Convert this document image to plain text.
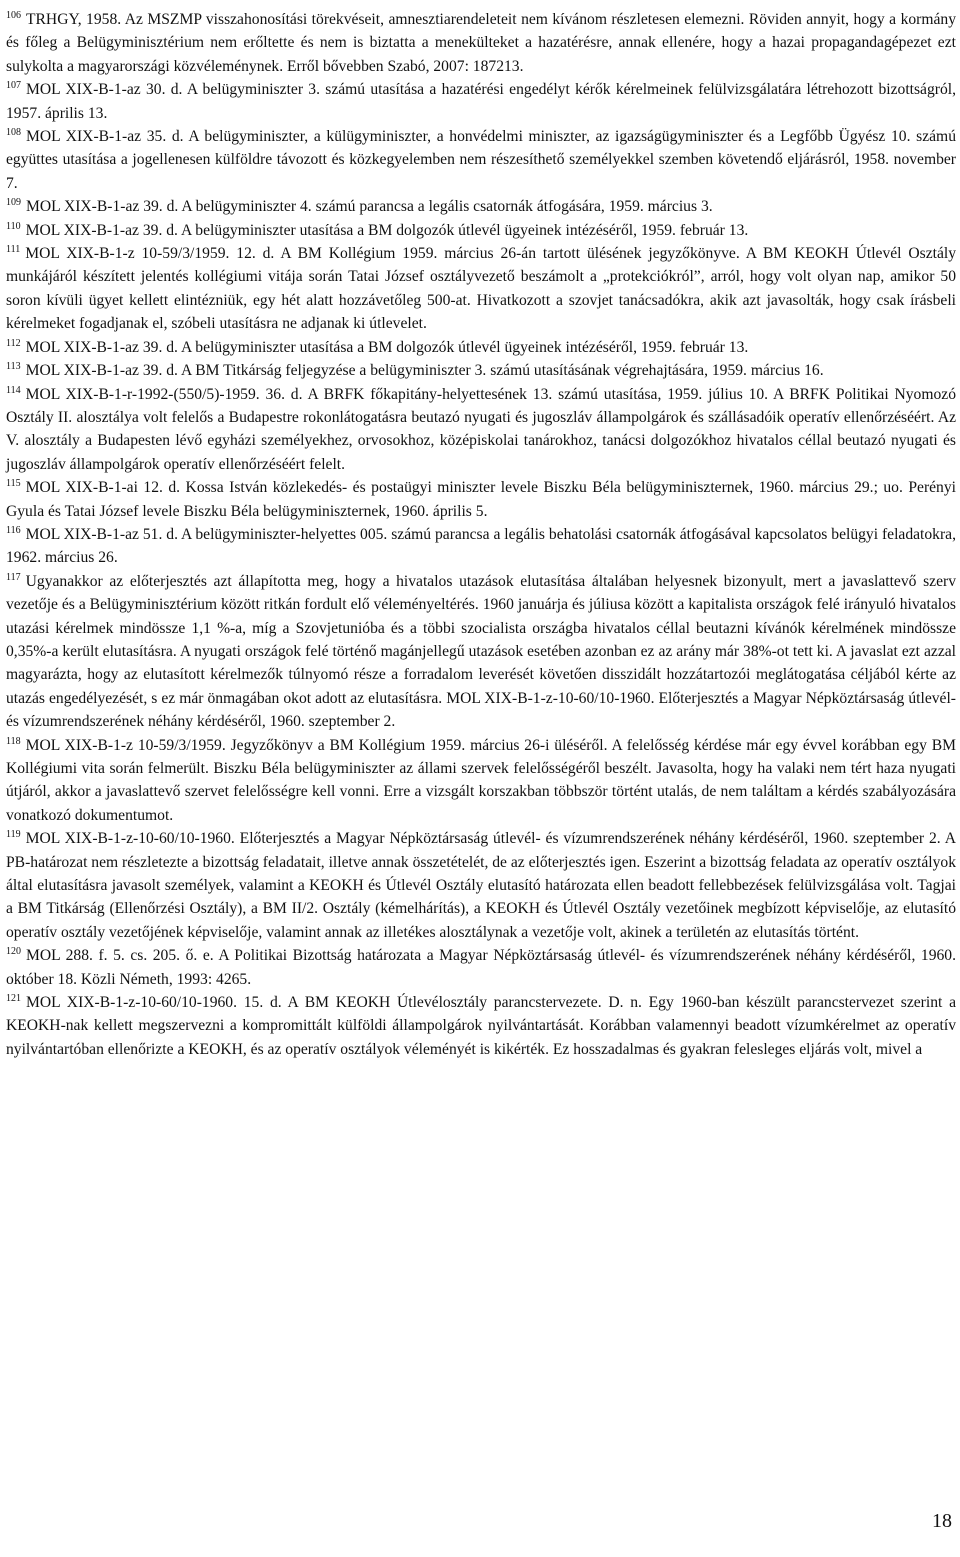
$^{106}$ TRHGY, 1958. Az MSZMP visszahonosítási törekvéseit, amnesztiarendeleteit nem kívánom részletesen elemezni. Röviden annyit, hogy a kormány és főleg a Belügyminisztérium nem erőltette és nem is biztatta a menekülteket a hazatérésre, annak ellenére, hogy a hazai propagandagépezet ezt sulykolta a magyarországi közvéleménynek. Erről bővebben Szabó, 2007: 187213.

$^{107}$ MOL XIX-B-1-az 30. d. A belügyminiszter 3. számú utasítása a hazatérési engedélyt kérők kérelmeinek felülvizsgálatára létrehozott bizottságról, 1957. április 13.

$^{108}$ MOL XIX-B-1-az 35. d. A belügyminiszter, a külügyminiszter, a honvédelmi miniszter, az igazságügyminiszter és a Legfőbb Ügyész 10. számú együttes utasítása a jogellenesen külföldre távozott és közkegyelemben nem részesíthető személyekkel szemben követendő eljárásról, 1958. november 7.

$^{109}$ MOL XIX-B-1-az 39. d. A belügyminiszter 4. számú parancsa a legális csatornák átfogására, 1959. március 3.

$^{110}$ MOL XIX-B-1-az 39. d. A belügyminiszter utasítása a BM dolgozók útlevél ügyeinek intézéséről, 1959. február 13.

$^{111}$ MOL XIX-B-1-z 10-59/3/1959. 12. d. A BM Kollégium 1959. március 26-án tartott ülésének jegyzőkönyve. A BM KEOKH Útlevél Osztály munkájáról készített jelentés kollégiumi vitája során Tatai József osztályvezető beszámolt a „protekciókról”, arról, hogy volt olyan nap, amikor 50 soron kívüli ügyet kellett elintézniük, egy hét alatt hozzávetőleg 500-at. Hivatkozott a szovjet tanácsadókra, akik azt javasolták, hogy csak írásbeli kérelmeket fogadjanak el, szóbeli utasításra ne adjanak ki útlevelet.

$^{112}$ MOL XIX-B-1-az 39. d. A belügyminiszter utasítása a BM dolgozók útlevél ügyeinek intézéséről, 1959. február 13.

$^{113}$ MOL XIX-B-1-az 39. d. A BM Titkárság feljegyzése a belügyminiszter 3. számú utasításának végrehajtására, 1959. március 16.

$^{114}$ MOL XIX-B-1-r-1992-(550/5)-1959. 36. d. A BRFK főkapitány-helyettesének 13. számú utasítása, 1959. július 10. A BRFK Politikai Nyomozó Osztály II. alosztálya volt felelős a Budapestre rokonlátogatásra beutazó nyugati és jugoszláv állampolgárok és szállásadóik operatív ellenőrzéséért. Az V. alosztály a Budapesten lévő egyházi személyekhez, orvosokhoz, középiskolai tanárokhoz, tanácsi dolgozókhoz hivatalos céllal beutazó nyugati és jugoszláv állampolgárok operatív ellenőrzéséért felelt.

$^{115}$ MOL XIX-B-1-ai 12. d. Kossa István közlekedés- és postaügyi miniszter levele Biszku Béla belügyminiszternek, 1960. március 29.; uo. Perényi Gyula és Tatai József levele Biszku Béla belügyminiszternek, 1960. április 5.

$^{116}$ MOL XIX-B-1-az 51. d. A belügyminiszter-helyettes 005. számú parancsa a legális behatolási csatornák átfogásával kapcsolatos belügyi feladatokra, 1962. március 26.

$^{117}$ Ugyanakkor az előterjesztés azt állapította meg, hogy a hivatalos utazások elutasítása általában helyesnek bizonyult, mert a javaslattevő szerv vezetője és a Belügyminisztérium között ritkán fordult elő véleményeltérés. 1960 januárja és júliusa között a kapitalista országok felé irányuló hivatalos utazási kérelmek mindössze 1,1 %-a, míg a Szovjetunióba és a többi szocialista országba hivatalos céllal beutazni kívánók kérelmének mindössze 0,35%-a került elutasításra. A nyugati országok felé történő magánjellegű utazások esetében azonban ez az arány már 38%-ot tett ki. A javaslat ezt azzal magyarázta, hogy az elutasított kérelmezők túlnyomó része a forradalom leverését követően disszidált hozzátartozói meglátogatása céljából kérte az utazás engedélyezését, s ez már önmagában okot adott az elutasításra. MOL XIX-B-1-z-10-60/10-1960. Előterjesztés a Magyar Népköztársaság útlevél-és vízumrendszerének néhány kérdéséről, 1960. szeptember 2.

$^{118}$ MOL XIX-B-1-z 10-59/3/1959. Jegyzőkönyv a BM Kollégium 1959. március 26-i üléséről. A felelősség kérdése már egy évvel korábban egy BM Kollégiumi vita során felmerült. Biszku Béla belügyminiszter az állami szervek felelősségéről beszélt. Javasolta, hogy ha valaki nem tért haza nyugati útjáról, akkor a javaslattevő szervet felelősségre kell vonni. Erre a vizsgált korszakban többször történt utalás, de nem találtam a kérdés szabályozására vonatkozó dokumentumot.

$^{119}$ MOL XIX-B-1-z-10-60/10-1960. Előterjesztés a Magyar Népköztársaság útlevél- és vízumrendszerének néhány kérdéséről, 1960. szeptember 2. A PB-határozat nem részletezte a bizottság feladatait, illetve annak összetételét, de az előterjesztés igen. Eszerint a bizottság feladata az operatív osztályok által elutasításra javasolt személyek, valamint a KEOKH és Útlevél Osztály elutasító határozata ellen beadott fellebbezések felülvizsgálása volt. Tagjai a BM Titkárság (Ellenőrzési Osztály), a BM II/2. Osztály (kémelhárítás), a KEOKH és Útlevél Osztály vezetőinek megbízott képviselője, az elutasító operatív osztály vezetőjének képviselője, valamint annak az illetékes alosztálynak a vezetője volt, akinek a területén az elutasítás történt.

$^{120}$ MOL 288. f. 5. cs. 205. ő. e. A Politikai Bizottság határozata a Magyar Népköztársaság útlevél- és vízumrendszerének néhány kérdéséről, 1960. október 18. Közli Németh, 1993: 4265.

$^{121}$ MOL XIX-B-1-z-10-60/10-1960. 15. d. A BM KEOKH Útlevélosztály parancstervezete. D. n. Egy 1960-ban készült parancstervezet szerint a KEOKH-nak kellett megszervezni a kompromittált külföldi állampolgárok nyilvántartását. Korábban valamennyi beadott vízumkérelmet az operatív nyilvántartóban ellenőrizte a KEOKH, és az operatív osztályok véleményét is kikérték. Ez hosszadalmas és gyakran felesleges eljárás volt, mivel a

18
